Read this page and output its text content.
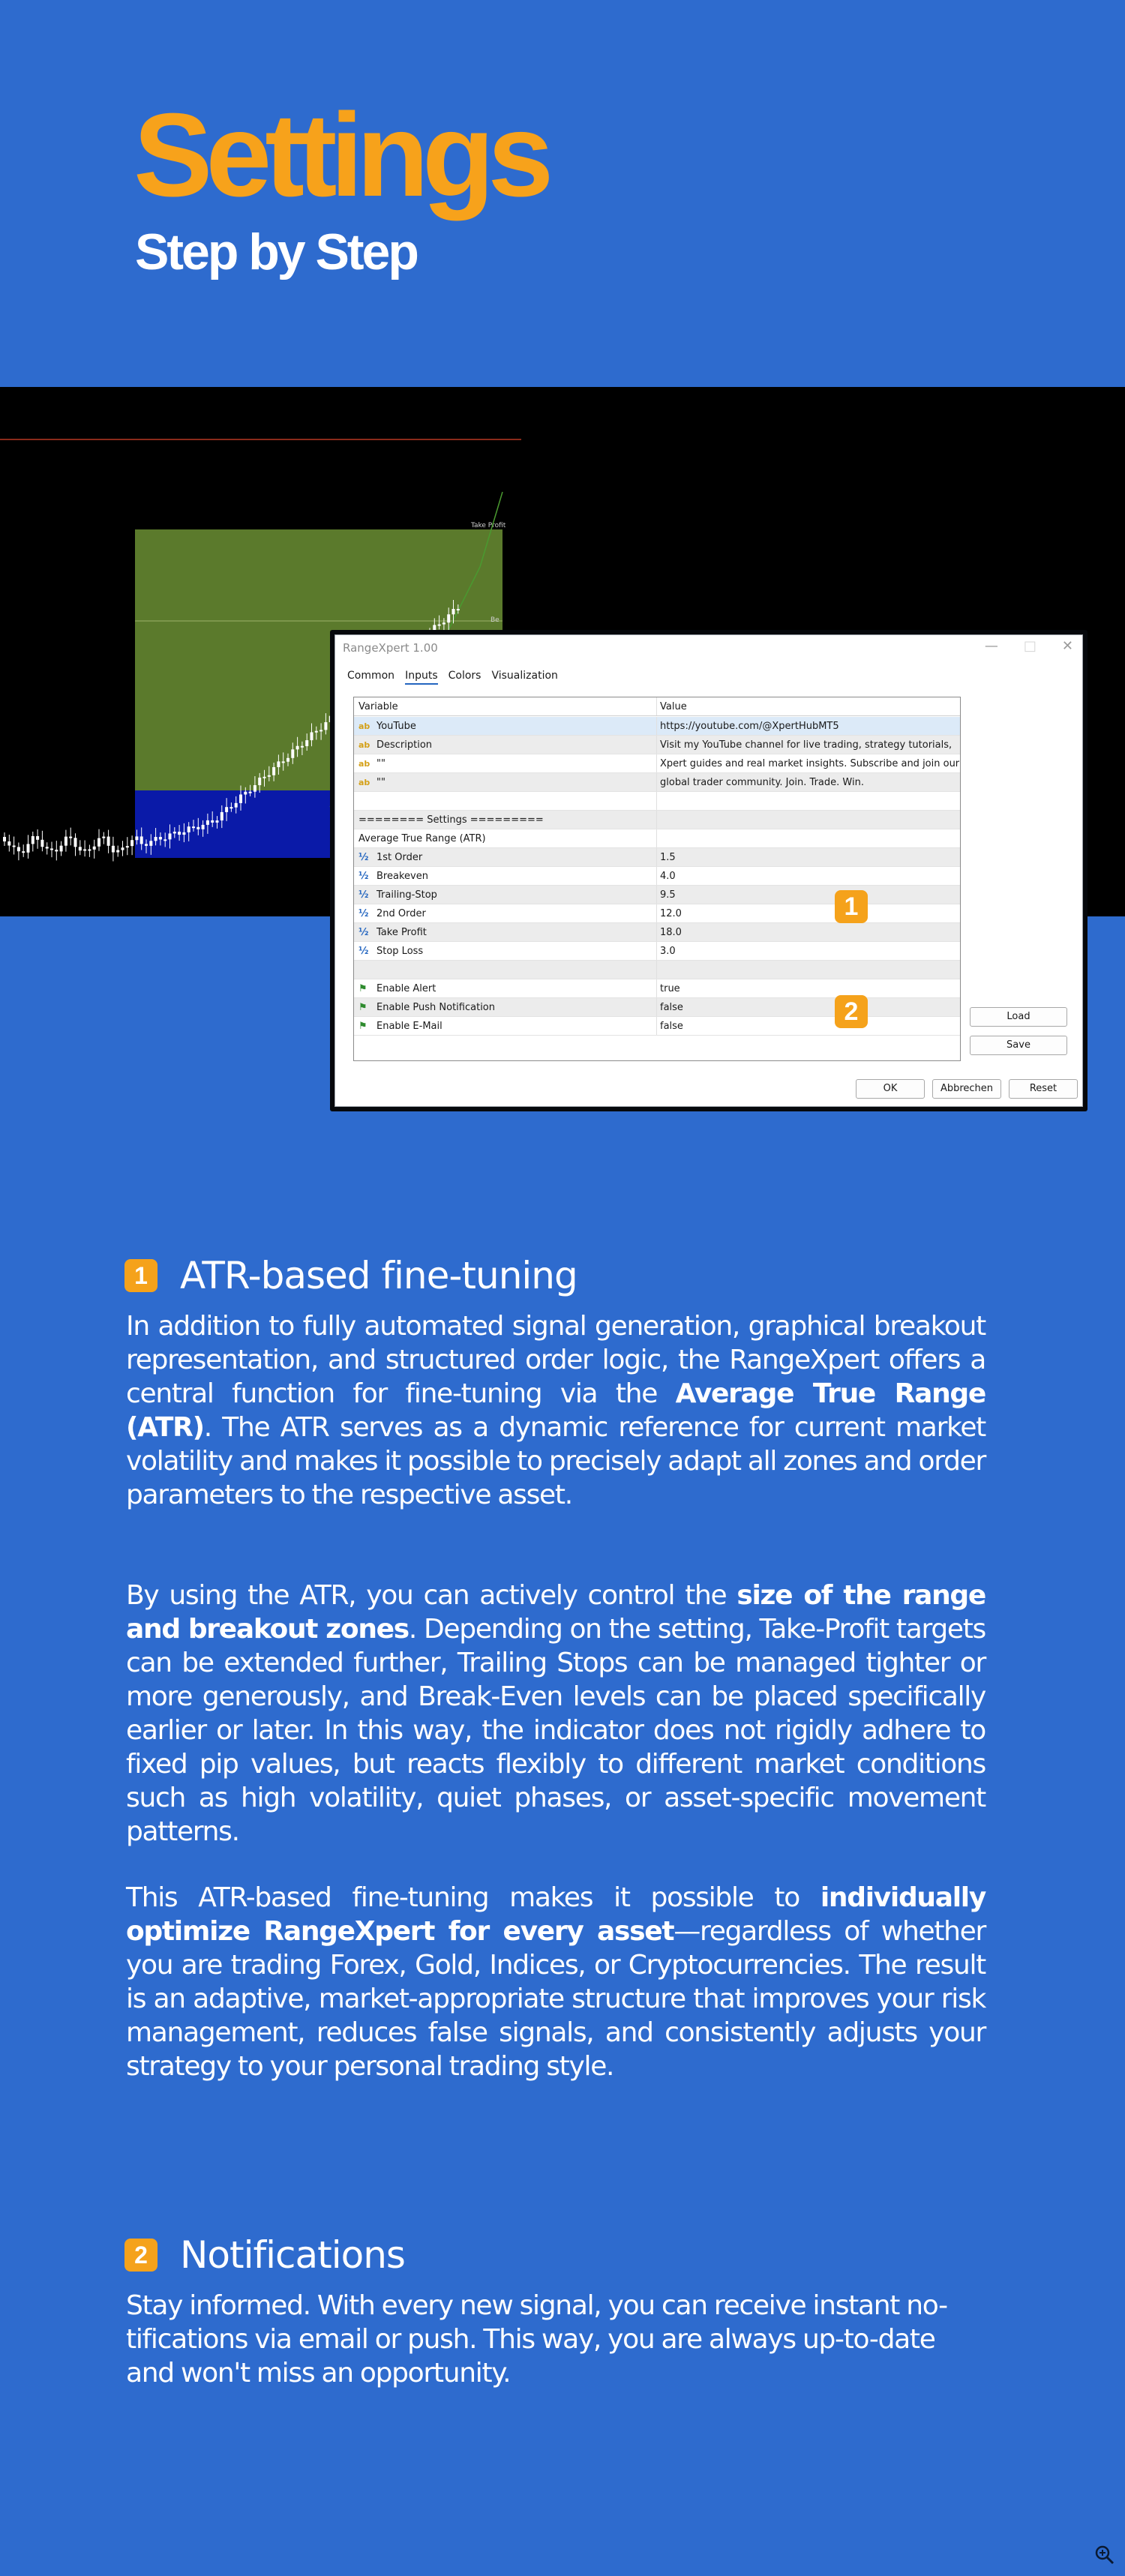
Settings
Step by Step
Take Profit
Be
RangeXpert 1.00	— □ ✕
Common Inputs Colors Visualization
Variable	Value
ab YouTube	https://youtube.com/@XpertHubMT5
ab Description	Visit my YouTube channel for live trading, strategy tutorials,
ab ""	Xpert guides and real market insights. Subscribe and join our
ab ""	global trader community. Join. Trade. Win.
======== Settings =========
Average True Range (ATR)
½ 1st Order	1.5
½ Breakeven	4.0
½ Trailing-Stop	9.5
½ 2nd Order	12.0
½ Take Profit	18.0
½ Stop Loss	3.0
⚑ Enable Alert	true
⚑ Enable Push Notification	false
⚑ Enable E-Mail	false
Load
Save
OK	Abbrechen	Reset
1
2
1 ATR-based fine-tuning
In addition to fully automated signal generation, graphical breakout representation, and structured order logic, the RangeXpert offers a central function for fine-tuning via the Average True Range (ATR). The ATR serves as a dynamic reference for current market volatility and makes it possible to precisely adapt all zones and order parameters to the respective asset.
By using the ATR, you can actively control the size of the range and breakout zones. Depending on the setting, Take-Profit targets can be extended further, Trailing Stops can be managed tighter or more generously, and Break-Even levels can be placed specifically earlier or later. In this way, the indicator does not rigidly adhere to fixed pip values, but reacts flexibly to different market conditions such as high volatility, quiet phases, or asset-specific movement patterns.
This ATR-based fine-tuning makes it possible to individually optimize RangeXpert for every asset—regardless of whether you are trading Forex, Gold, Indices, or Cryptocurrencies. The result is an adaptive, market-appropriate structure that improves your risk management, reduces false signals, and consistently adjusts your strategy to your personal trading style.
2 Notifications
Stay informed. With every new signal, you can receive instant no-tifications via email or push. This way, you are always up-to-date and won't miss an opportunity.
